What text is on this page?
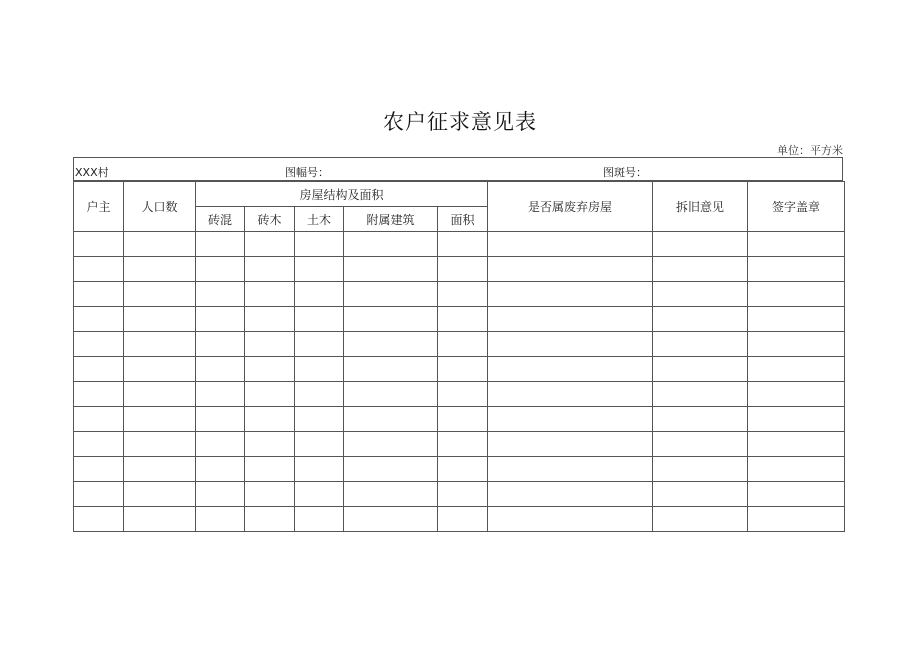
农户征求意见表
单位：平方米
XXX村	图幅号：	图斑号：
户主	人口数	房屋结构及面积					是否属废弃房屋	拆旧意见	签字盖章
		砖混	砖木	土木	附属建筑	面积			
